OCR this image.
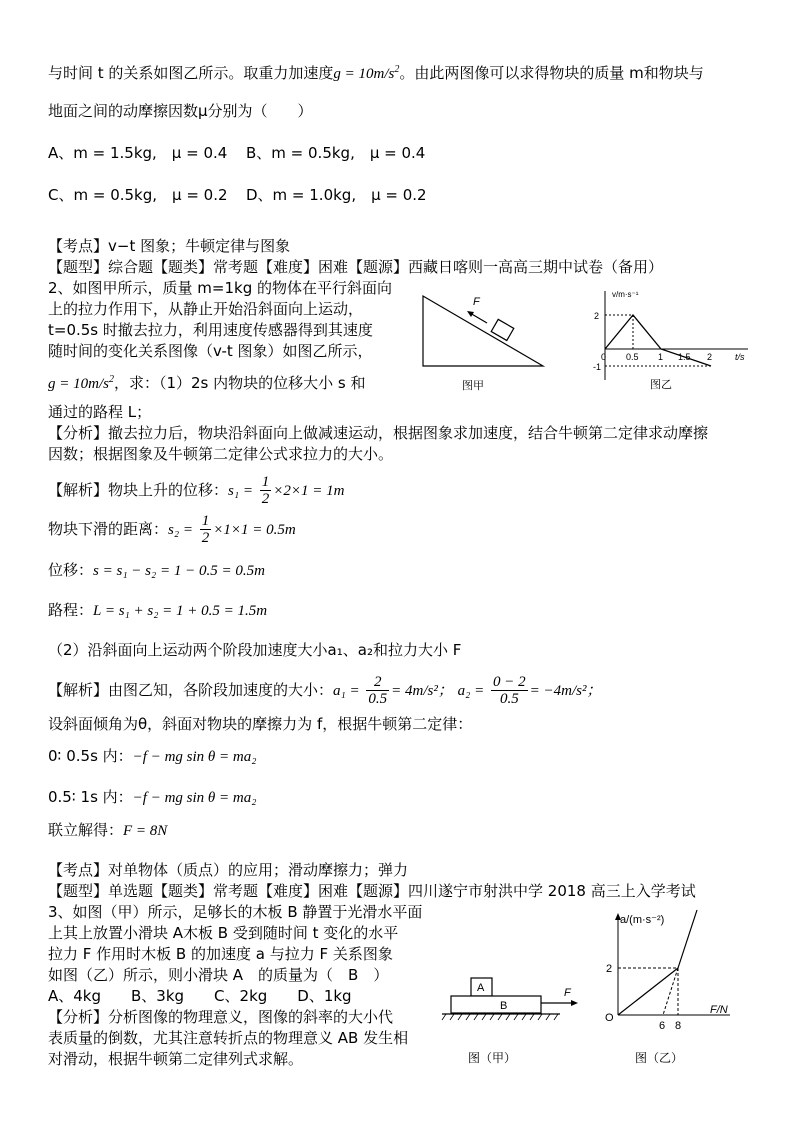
与时间 t 的关系如图乙所示。取重力加速度$g = 10m/s^2$。由此两图像可以求得物块的质量 m和物块与
地面之间的动摩擦因数μ分别为（　　）
A、m = 1.5kg,　μ = 0.4 B、m = 0.5kg,　μ = 0.4
C、m = 0.5kg,　μ = 0.2 D、m = 1.0kg,　μ = 0.2
【考点】v−t 图象；牛顿定律与图象
【题型】综合题【题类】常考题【难度】困难【题源】西藏日喀则一高高三期中试卷（备用）
2、如图甲所示，质量 m=1kg 的物体在平行斜面向
上的拉力作用下，从静止开始沿斜面向上运动，
t=0.5s 时撤去拉力，利用速度传感器得到其速度
随时间的变化关系图像（v-t 图象）如图乙所示，
$g = 10m/s^2$，求：（1）2s 内物块的位移大小 s 和
通过的路程 L；
F
图甲
v/m·s⁻¹
t/s
2
-1
0 0.5 1 1.5 2
图乙
【分析】撤去拉力后，物块沿斜面向上做减速运动，根据图象求加速度，结合牛顿第二定律求动摩擦
因数；根据图象及牛顿第二定律公式求拉力的大小。
【解析】物块上升的位移：$s_1 = \frac{1}{2} \times 2\times 1 = 1m$
物块下滑的距离：$s_2 = \frac{1}{2} \times 1\times 1 = 0.5m$
位移：s = s₁ − s₂ = 1 − 0.5 = 0.5m
路程：L = s₁ + s₂ = 1 + 0.5 = 1.5m
（2）沿斜面向上运动两个阶段加速度大小a₁、a₂和拉力大小 F
【解析】由图乙知，各阶段加速度的大小：$a_1 = \frac{2}{0.5} = 4m/s^2$； $a_2 = \frac{0 - 2}{0.5} = -4m/s^2$；
设斜面倾角为θ，斜面对物块的摩擦力为 f，根据牛顿第二定律：
0∶ 0.5s 内：−f − mg sin θ = ma₂
0.5∶ 1s 内：−f − mg sin θ = ma₂
联立解得：F = 8N
【考点】对单物体（质点）的应用；滑动摩擦力；弹力
【题型】单选题【题类】常考题【难度】困难【题源】四川遂宁市射洪中学 2018 高三上入学考试
3、如图（甲）所示，足够长的木板 B 静置于光滑水平面
上其上放置小滑块 A木板 B 受到随时间 t 变化的水平
拉力 F 作用时木板 B 的加速度 a 与拉力 F 关系图象
如图（乙）所示，则小滑块 A　的质量为（　B　）
A、4kg　　B、3kg　　C、2kg　　D、1kg
【分析】分析图像的物理意义，图像的斜率的大小代
表质量的倒数，尤其注意转折点的物理意义 AB 发生相
对滑动，根据牛顿第二定律列式求解。
A
B
F
图（甲）
a/(m·s⁻²)
F/N
2
6 8
O
图（乙）
